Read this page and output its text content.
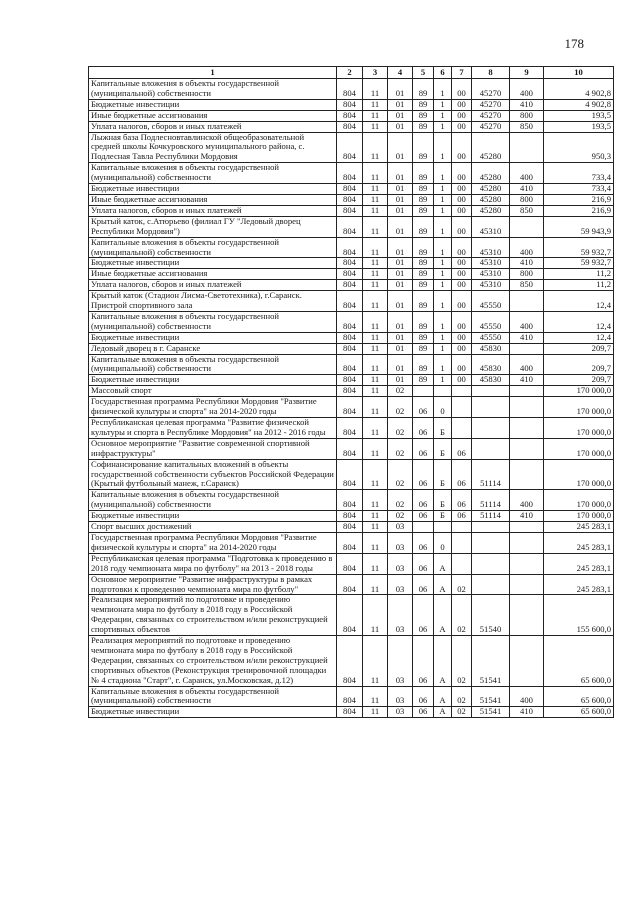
178
1	2	3	4	5	6	7	8	9	10
Капитальные вложения в объекты государственной (муниципальной) собственности	804	11	01	89	1	00	45270	400	4 902,8
Бюджетные инвестиции	804	11	01	89	1	00	45270	410	4 902,8
Иные бюджетные ассигнования	804	11	01	89	1	00	45270	800	193,5
Уплата налогов, сборов и иных платежей	804	11	01	89	1	00	45270	850	193,5
Лыжная база Подлесновтавлинской общеобразовательной средней школы Кочкуровского муниципального района, с. Подлесная Тавла Республики Мордовия	804	11	01	89	1	00	45280		950,3
Капитальные вложения в объекты государственной (муниципальной) собственности	804	11	01	89	1	00	45280	400	733,4
Бюджетные инвестиции	804	11	01	89	1	00	45280	410	733,4
Иные бюджетные ассигнования	804	11	01	89	1	00	45280	800	216,9
Уплата налогов, сборов и иных платежей	804	11	01	89	1	00	45280	850	216,9
Крытый каток, с.Атюрьево (филиал ГУ "Ледовый дворец Республики Мордовия")	804	11	01	89	1	00	45310		59 943,9
Капитальные вложения в объекты государственной (муниципальной) собственности	804	11	01	89	1	00	45310	400	59 932,7
Бюджетные инвестиции	804	11	01	89	1	00	45310	410	59 932,7
Иные бюджетные ассигнования	804	11	01	89	1	00	45310	800	11,2
Уплата налогов, сборов и иных платежей	804	11	01	89	1	00	45310	850	11,2
Крытый каток (Стадион Лисма-Светотехника), г.Саранск. Пристрой спортивного зала	804	11	01	89	1	00	45550		12,4
Капитальные вложения в объекты государственной (муниципальной) собственности	804	11	01	89	1	00	45550	400	12,4
Бюджетные инвестиции	804	11	01	89	1	00	45550	410	12,4
Ледовый дворец в г. Саранске	804	11	01	89	1	00	45830		209,7
Капитальные вложения в объекты государственной (муниципальной) собственности	804	11	01	89	1	00	45830	400	209,7
Бюджетные инвестиции	804	11	01	89	1	00	45830	410	209,7
Массовый спорт	804	11	02						170 000,0
Государственная программа Республики Мордовия "Развитие физической культуры и спорта" на 2014-2020 годы	804	11	02	06	0				170 000,0
Республиканская целевая программа "Развитие физической культуры и спорта в Республике Мордовия" на 2012 - 2016 годы	804	11	02	06	Б				170 000,0
Основное мероприятие "Развитие современной спортивной инфраструктуры"	804	11	02	06	Б	06			170 000,0
Софинансирование капитальных вложений в объекты государственной собственности субъектов Российской Федерации (Крытый футбольный манеж, г.Саранск)	804	11	02	06	Б	06	51114		170 000,0
Капитальные вложения в объекты государственной (муниципальной) собственности	804	11	02	06	Б	06	51114	400	170 000,0
Бюджетные инвестиции	804	11	02	06	Б	06	51114	410	170 000,0
Спорт высших достижений	804	11	03						245 283,1
Государственная программа Республики Мордовия "Развитие физической культуры и спорта" на 2014-2020 годы	804	11	03	06	0				245 283,1
Республиканская целевая программа "Подготовка к проведению в 2018 году чемпионата мира по футболу" на 2013 - 2018 годы	804	11	03	06	А				245 283,1
Основное мероприятие "Развитие инфраструктуры в рамках подготовки к проведению чемпионата мира по футболу"	804	11	03	06	А	02			245 283,1
Реализация мероприятий по подготовке и проведению чемпионата мира по футболу в 2018 году в Российской Федерации, связанных со строительством и/или реконструкцией спортивных объектов	804	11	03	06	А	02	51540		155 600,0
Реализация мероприятий по подготовке и проведению чемпионата мира по футболу в 2018 году в Российской Федерации, связанных со строительством и/или реконструкцией спортивных объектов (Реконструкция тренировочной площадки № 4 стадиона "Старт", г. Саранск, ул.Московская, д.12)	804	11	03	06	А	02	51541		65 600,0
Капитальные вложения в объекты государственной (муниципальной) собственности	804	11	03	06	А	02	51541	400	65 600,0
Бюджетные инвестиции	804	11	03	06	А	02	51541	410	65 600,0
